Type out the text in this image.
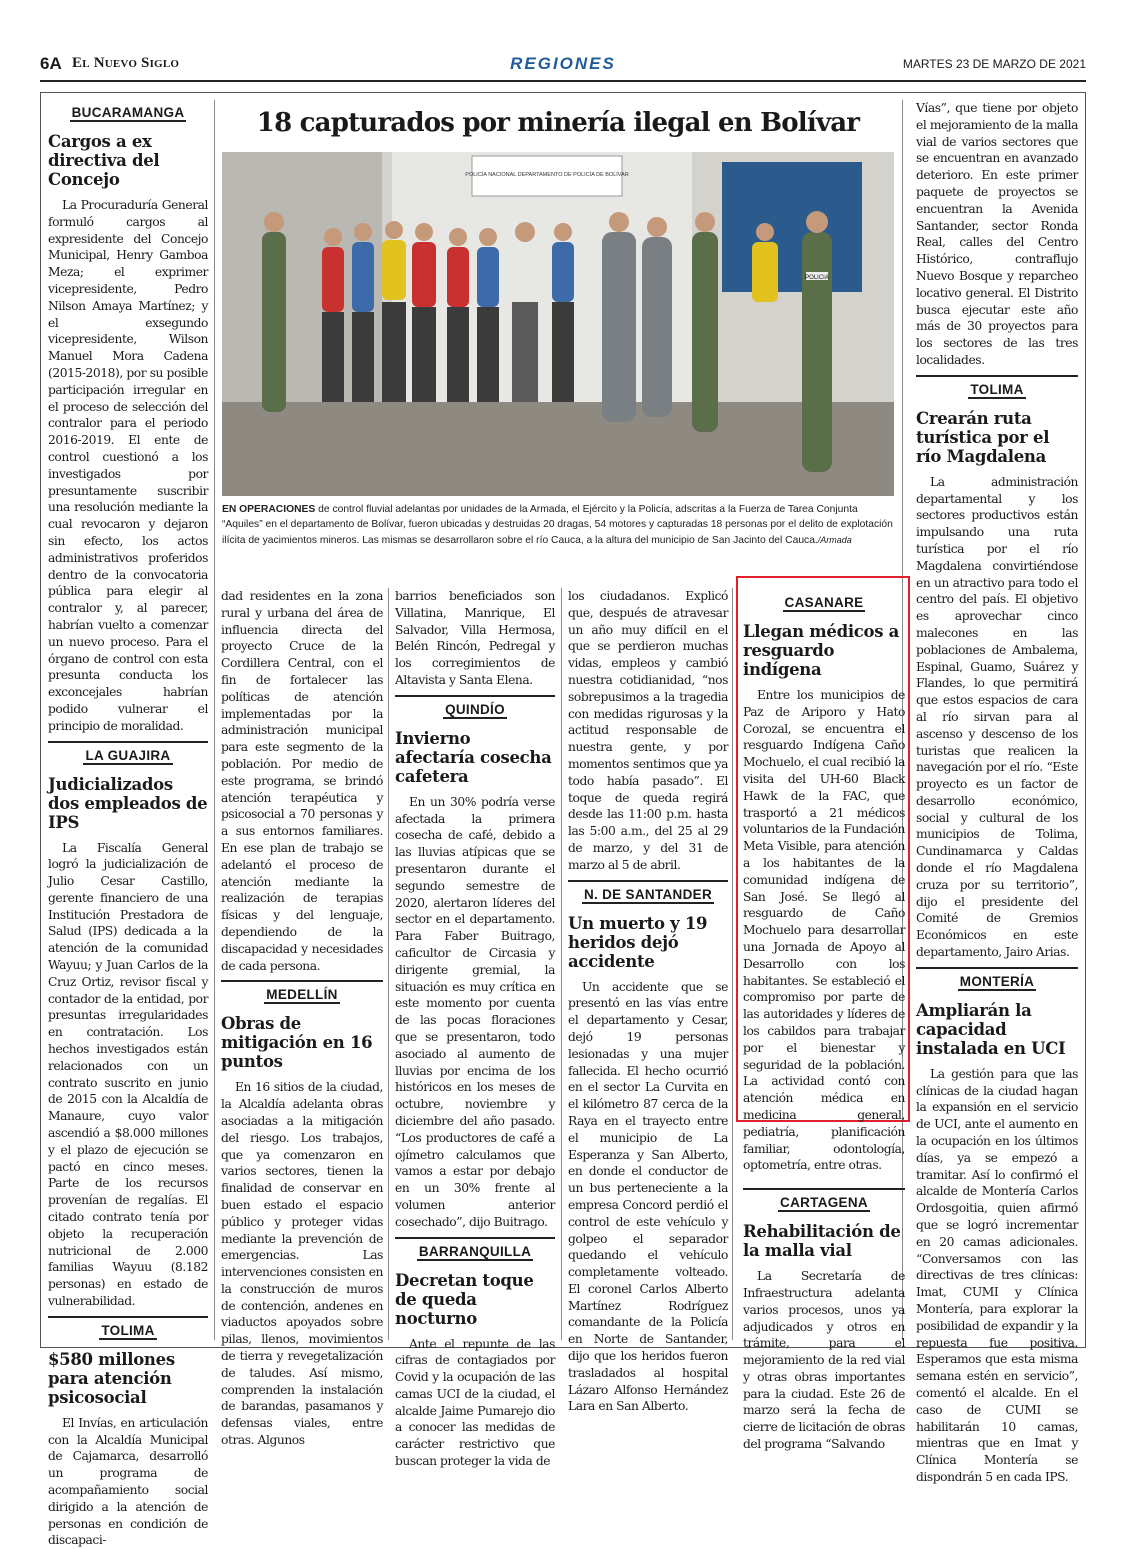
6A El Nuevo Siglo	REGIONES	MARTES 23 DE MARZO DE 2021
BUCARAMANGA
Cargos a ex directiva del Concejo

La Procuraduría General formuló cargos al expresidente del Concejo Municipal, Henry Gamboa Meza; el exprimer vicepresidente, Pedro Nilson Amaya Martínez; y el exsegundo vicepresidente, Wilson Manuel Mora Cadena (2015-2018), por su posible participación irregular en el proceso de selección del contralor para el periodo 2016-2019. El ente de control cuestionó a los investigados por presuntamente suscribir una resolución mediante la cual revocaron y dejaron sin efecto, los actos administrativos proferidos dentro de la convocatoria pública para elegir al contralor y, al parecer, habrían vuelto a comenzar un nuevo proceso. Para el órgano de control con esta presunta conducta los exconcejales habrían podido vulnerar el principio de moralidad.

LA GUAJIRA
Judicializados dos empleados de IPS

La Fiscalía General logró la judicialización de Julio Cesar Castillo, gerente financiero de una Institución Prestadora de Salud (IPS) dedicada a la atención de la comunidad Wayuu; y Juan Carlos de la Cruz Ortiz, revisor fiscal y contador de la entidad, por presuntas irregularidades en contratación. Los hechos investigados están relacionados con un contrato suscrito en junio de 2015 con la Alcaldía de Manaure, cuyo valor ascendió a $8.000 millones y el plazo de ejecución se pactó en cinco meses. Parte de los recursos provenían de regalías. El citado contrato tenía por objeto la recuperación nutricional de 2.000 familias Wayuu (8.182 personas) en estado de vulnerabilidad.

TOLIMA
$580 millones para atención psicosocial

El Invías, en articulación con la Alcaldía Municipal de Cajamarca, desarrolló un programa de acompañamiento social dirigido a la atención de personas en condición de discapaci-

18 capturados por minería ilegal en Bolívar
POLICÍA NACIONAL DEPARTAMENTO DE POLICÍA DE BOLÍVAR
POLICIA
EN OPERACIONES de control fluvial adelantas por unidades de la Armada, el Ejército y la Policía, adscritas a la Fuerza de Tarea Conjunta “Aquiles” en el departamento de Bolívar, fueron ubicadas y destruidas 20 dragas, 54 motores y capturadas 18 personas por el delito de explotación ilícita de yacimientos mineros. Las mismas se desarrollaron sobre el río Cauca, a la altura del municipio de San Jacinto del Cauca./Armada

dad residentes en la zona rural y urbana del área de influencia directa del proyecto Cruce de la Cordillera Central, con el fin de fortalecer las políticas de atención implementadas por la administración municipal para este segmento de la población. Por medio de este programa, se brindó atención terapéutica y psicosocial a 70 personas y a sus entornos familiares. En ese plan de trabajo se adelantó el proceso de atención mediante la realización de terapias físicas y del lenguaje, dependiendo de la discapacidad y necesidades de cada persona.

MEDELLÍN
Obras de mitigación en 16 puntos

En 16 sitios de la ciudad, la Alcaldía adelanta obras asociadas a la mitigación del riesgo. Los trabajos, que ya comenzaron en varios sectores, tienen la finalidad de conservar en buen estado el espacio público y proteger vidas mediante la prevención de emergencias. Las intervenciones consisten en la construcción de muros de contención, andenes en viaductos apoyados sobre pilas, llenos, movimientos de tierra y revegetalización de taludes. Así mismo, comprenden la instalación de barandas, pasamanos y defensas viales, entre otras. Algunos

barrios beneficiados son Villatina, Manrique, El Salvador, Villa Hermosa, Belén Rincón, Pedregal y los corregimientos de Altavista y Santa Elena.

QUINDÍO
Invierno afectaría cosecha cafetera

En un 30% podría verse afectada la primera cosecha de café, debido a las lluvias atípicas que se presentaron durante el segundo semestre de 2020, alertaron líderes del sector en el departamento. Para Faber Buitrago, caficultor de Circasia y dirigente gremial, la situación es muy crítica en este momento por cuenta de las pocas floraciones que se presentaron, todo asociado al aumento de lluvias por encima de los históricos en los meses de octubre, noviembre y diciembre del año pasado. “Los productores de café a ojímetro calculamos que vamos a estar por debajo en un 30% frente al volumen anterior cosechado”, dijo Buitrago.

BARRANQUILLA
Decretan toque de queda nocturno

Ante el repunte de las cifras de contagiados por Covid y la ocupación de las camas UCI de la ciudad, el alcalde Jaime Pumarejo dio a conocer las medidas de carácter restrictivo que buscan proteger la vida de

los ciudadanos. Explicó que, después de atravesar un año muy difícil en el que se perdieron muchas vidas, empleos y cambió nuestra cotidianidad, “nos sobrepusimos a la tragedia con medidas rigurosas y la actitud responsable de nuestra gente, y por momentos sentimos que ya todo había pasado”. El toque de queda regirá desde las 11:00 p.m. hasta las 5:00 a.m., del 25 al 29 de marzo, y del 31 de marzo al 5 de abril.

N. DE SANTANDER
Un muerto y 19 heridos dejó accidente

Un accidente que se presentó en las vías entre el departamento y Cesar, dejó 19 personas lesionadas y una mujer fallecida. El hecho ocurrió en el sector La Curvita en el kilómetro 87 cerca de la Raya en el trayecto entre el municipio de La Esperanza y San Alberto, en donde el conductor de un bus perteneciente a la empresa Concord perdió el control de este vehículo y golpeo el separador quedando el vehículo completamente volteado. El coronel Carlos Alberto Martínez Rodríguez comandante de la Policía en Norte de Santander, dijo que los heridos fueron trasladados al hospital Lázaro Alfonso Hernández Lara en San Alberto.

CASANARE
Llegan médicos a resguardo indígena

Entre los municipios de Paz de Ariporo y Hato Corozal, se encuentra el resguardo Indígena Caño Mochuelo, el cual recibió la visita del UH-60 Black Hawk de la FAC, que trasportó a 21 médicos voluntarios de la Fundación Meta Visible, para atención a los habitantes de la comunidad indígena de San José. Se llegó al resguardo de Caño Mochuelo para desarrollar una Jornada de Apoyo al Desarrollo con los habitantes. Se estableció el compromiso por parte de las autoridades y líderes de los cabildos para trabajar por el bienestar y seguridad de la población. La actividad contó con atención médica en medicina general, pediatría, planificación familiar, odontología, optometría, entre otras.

CARTAGENA
Rehabilitación de la malla vial

La Secretaría de Infraestructura adelanta varios procesos, unos ya adjudicados y otros en trámite, para el mejoramiento de la red vial y otras obras importantes para la ciudad. Este 26 de marzo será la fecha de cierre de licitación de obras del programa “Salvando

Vías”, que tiene por objeto el mejoramiento de la malla vial de varios sectores que se encuentran en avanzado deterioro. En este primer paquete de proyectos se encuentran la Avenida Santander, sector Ronda Real, calles del Centro Histórico, contraflujo Nuevo Bosque y reparcheo locativo general. El Distrito busca ejecutar este año más de 30 proyectos para los sectores de las tres localidades.

TOLIMA
Crearán ruta turística por el río Magdalena

La administración departamental y los sectores productivos están impulsando una ruta turística por el río Magdalena convirtiéndose en un atractivo para todo el centro del país. El objetivo es aprovechar cinco malecones en las poblaciones de Ambalema, Espinal, Guamo, Suárez y Flandes, lo que permitirá que estos espacios de cara al río sirvan para al ascenso y descenso de los turistas que realicen la navegación por el río. “Este proyecto es un factor de desarrollo económico, social y cultural de los municipios de Tolima, Cundinamarca y Caldas donde el río Magdalena cruza por su territorio”, dijo el presidente del Comité de Gremios Económicos en este departamento, Jairo Arias.

MONTERÍA
Ampliarán la capacidad instalada en UCI

La gestión para que las clínicas de la ciudad hagan la expansión en el servicio de UCI, ante el aumento en la ocupación en los últimos días, ya se empezó a tramitar. Así lo confirmó el alcalde de Montería Carlos Ordosgoitia, quien afirmó que se logró incrementar en 20 camas adicionales. “Conversamos con las directivas de tres clínicas: Imat, CUMI y Clínica Montería, para explorar la posibilidad de expandir y la repuesta fue positiva. Esperamos que esta misma semana estén en servicio”, comentó el alcalde. En el caso de CUMI se habilitarán 10 camas, mientras que en Imat y Clínica Montería se dispondrán 5 en cada IPS.
